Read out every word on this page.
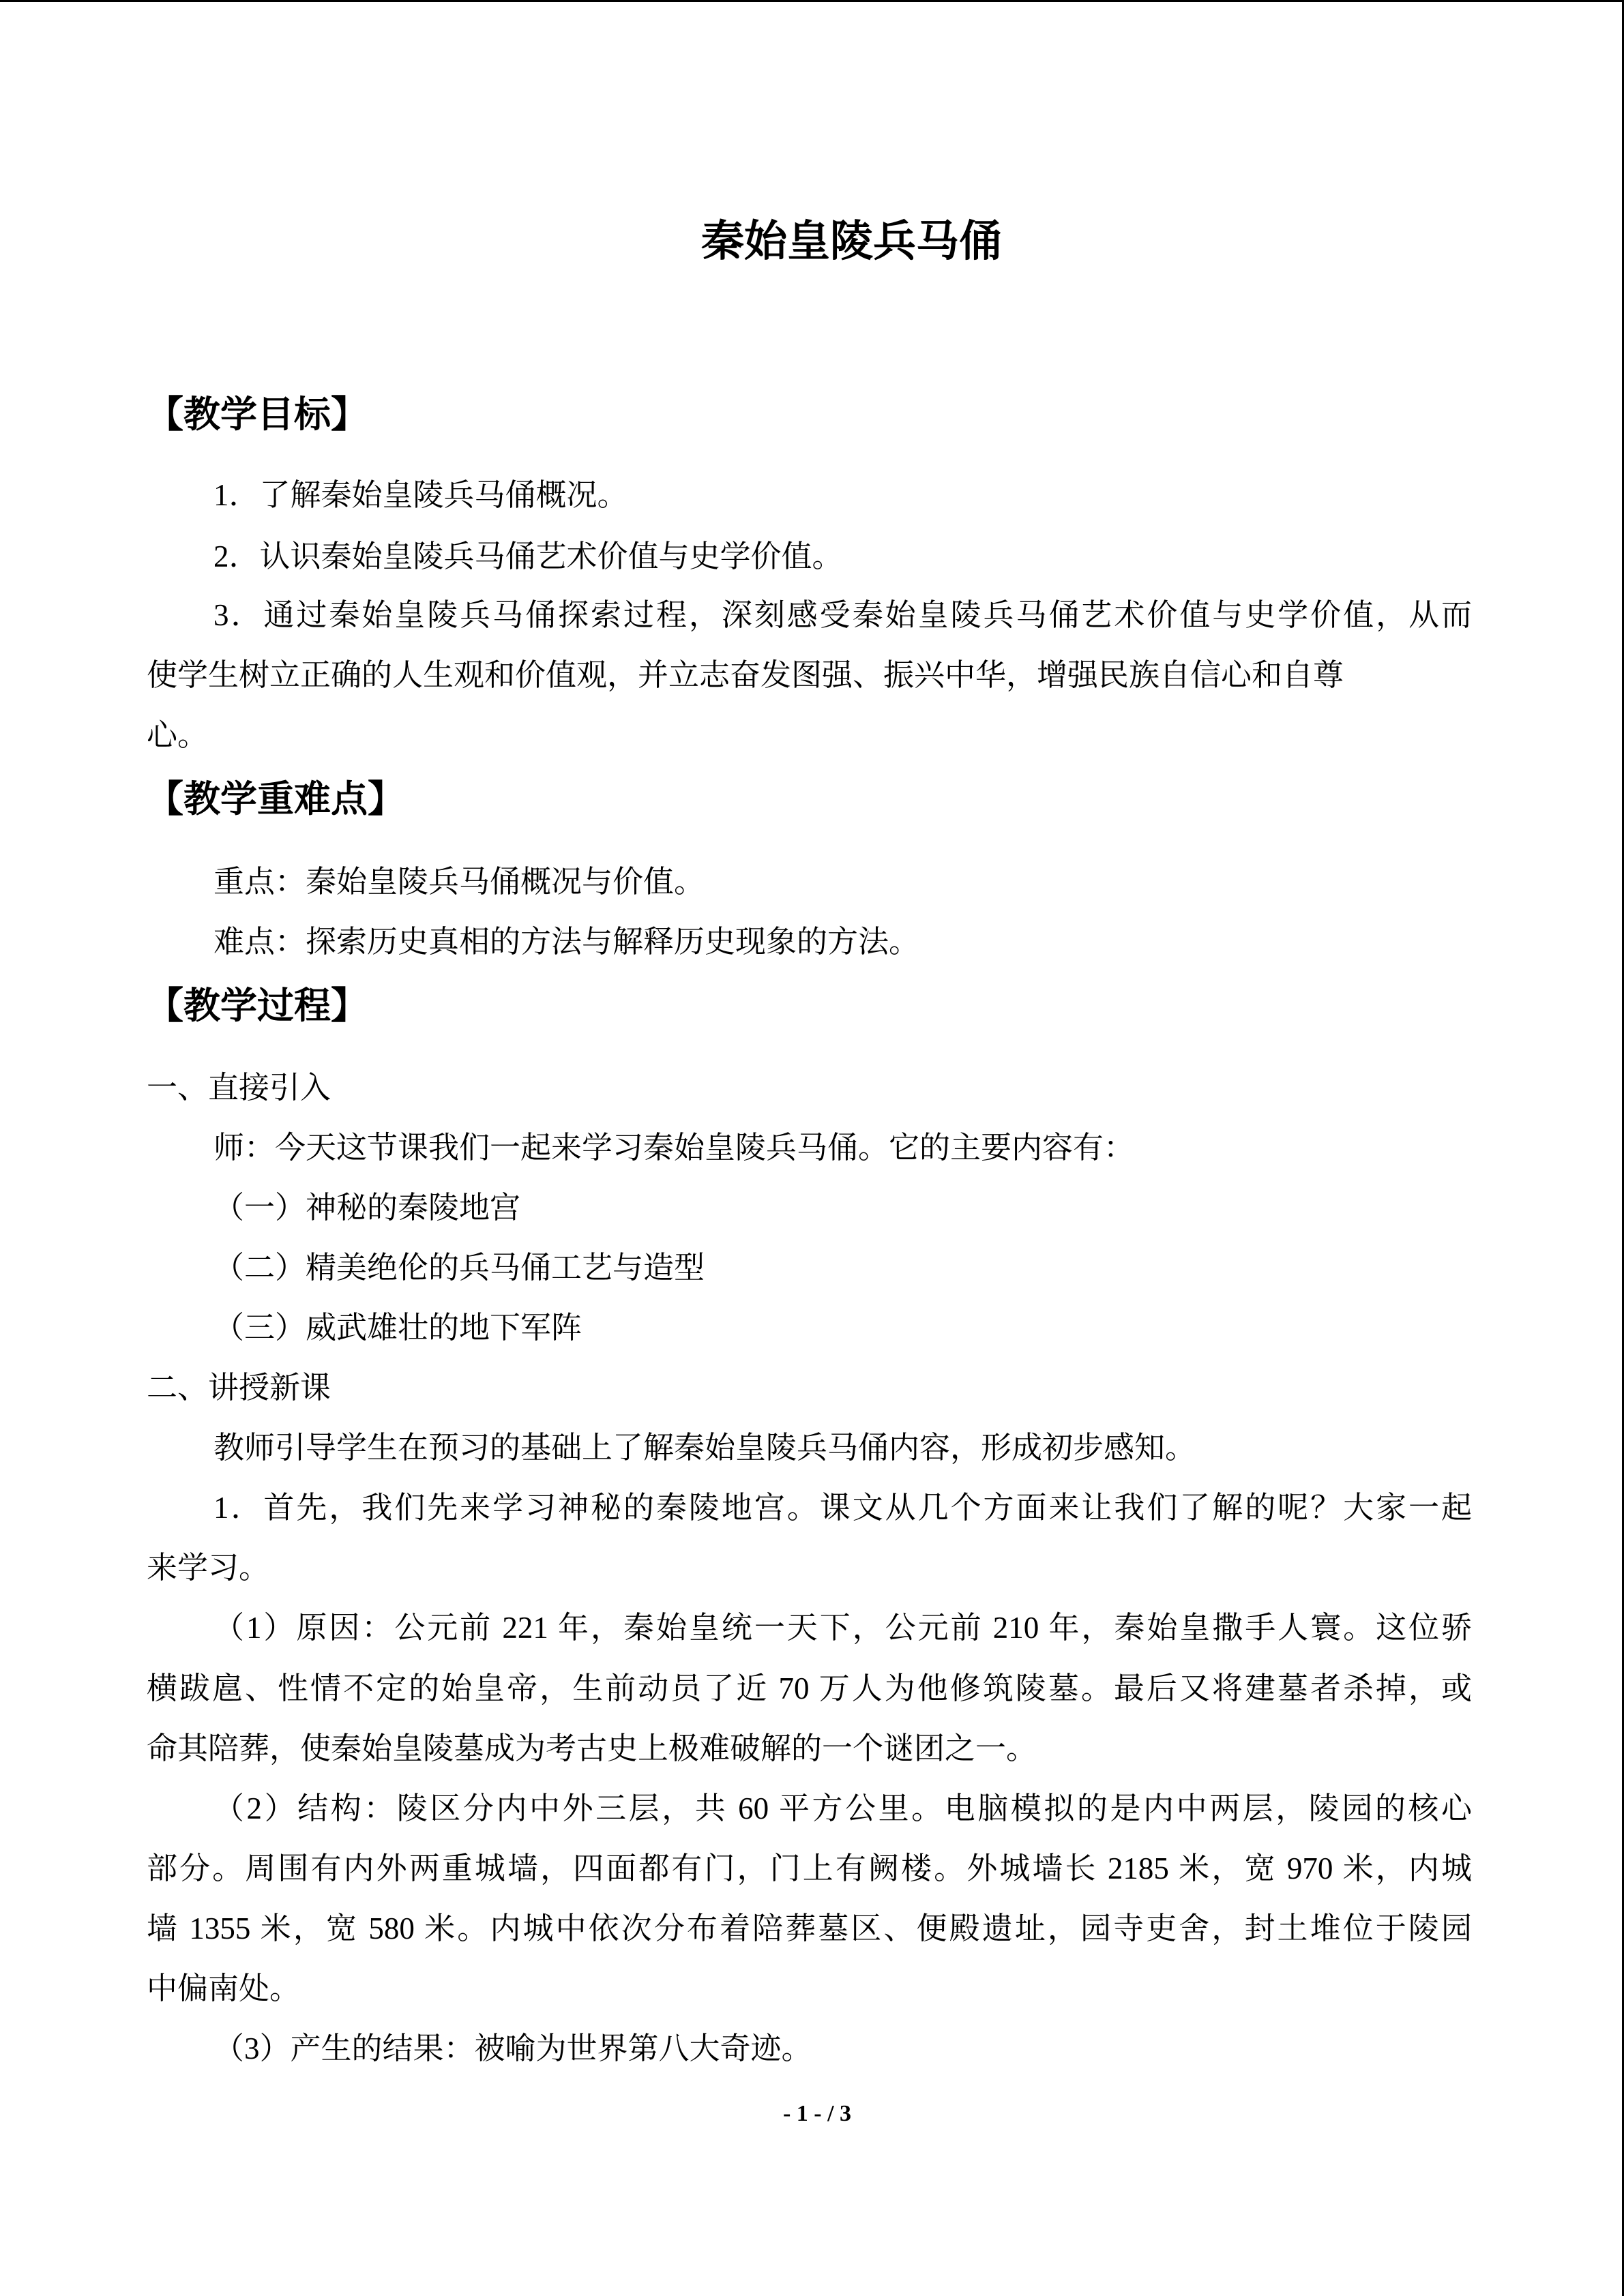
秦始皇陵兵马俑
【教学目标】
1．了解秦始皇陵兵马俑概况。
2．认识秦始皇陵兵马俑艺术价值与史学价值。
3．通过秦始皇陵兵马俑探索过程，深刻感受秦始皇陵兵马俑艺术价值与史学价值，从而
使学生树立正确的人生观和价值观，并立志奋发图强、振兴中华，增强民族自信心和自尊
心。
【教学重难点】
重点：秦始皇陵兵马俑概况与价值。
难点：探索历史真相的方法与解释历史现象的方法。
【教学过程】
一、直接引入
师：今天这节课我们一起来学习秦始皇陵兵马俑。它的主要内容有：
（一）神秘的秦陵地宫
（二）精美绝伦的兵马俑工艺与造型
（三）威武雄壮的地下军阵
二、讲授新课
教师引导学生在预习的基础上了解秦始皇陵兵马俑内容，形成初步感知。
1．首先，我们先来学习神秘的秦陵地宫。课文从几个方面来让我们了解的呢？大家一起
来学习。
（1）原因：公元前 221 年，秦始皇统一天下，公元前 210 年，秦始皇撒手人寰。这位骄
横跋扈、性情不定的始皇帝，生前动员了近 70 万人为他修筑陵墓。最后又将建墓者杀掉，或
命其陪葬，使秦始皇陵墓成为考古史上极难破解的一个谜团之一。
（2）结构：陵区分内中外三层，共 60 平方公里。电脑模拟的是内中两层，陵园的核心
部分。周围有内外两重城墙，四面都有门，门上有阙楼。外城墙长 2185 米，宽 970 米，内城
墙 1355 米，宽 580 米。内城中依次分布着陪葬墓区、便殿遗址，园寺吏舍，封土堆位于陵园
中偏南处。
（3）产生的结果：被喻为世界第八大奇迹。
- 1 - / 3
